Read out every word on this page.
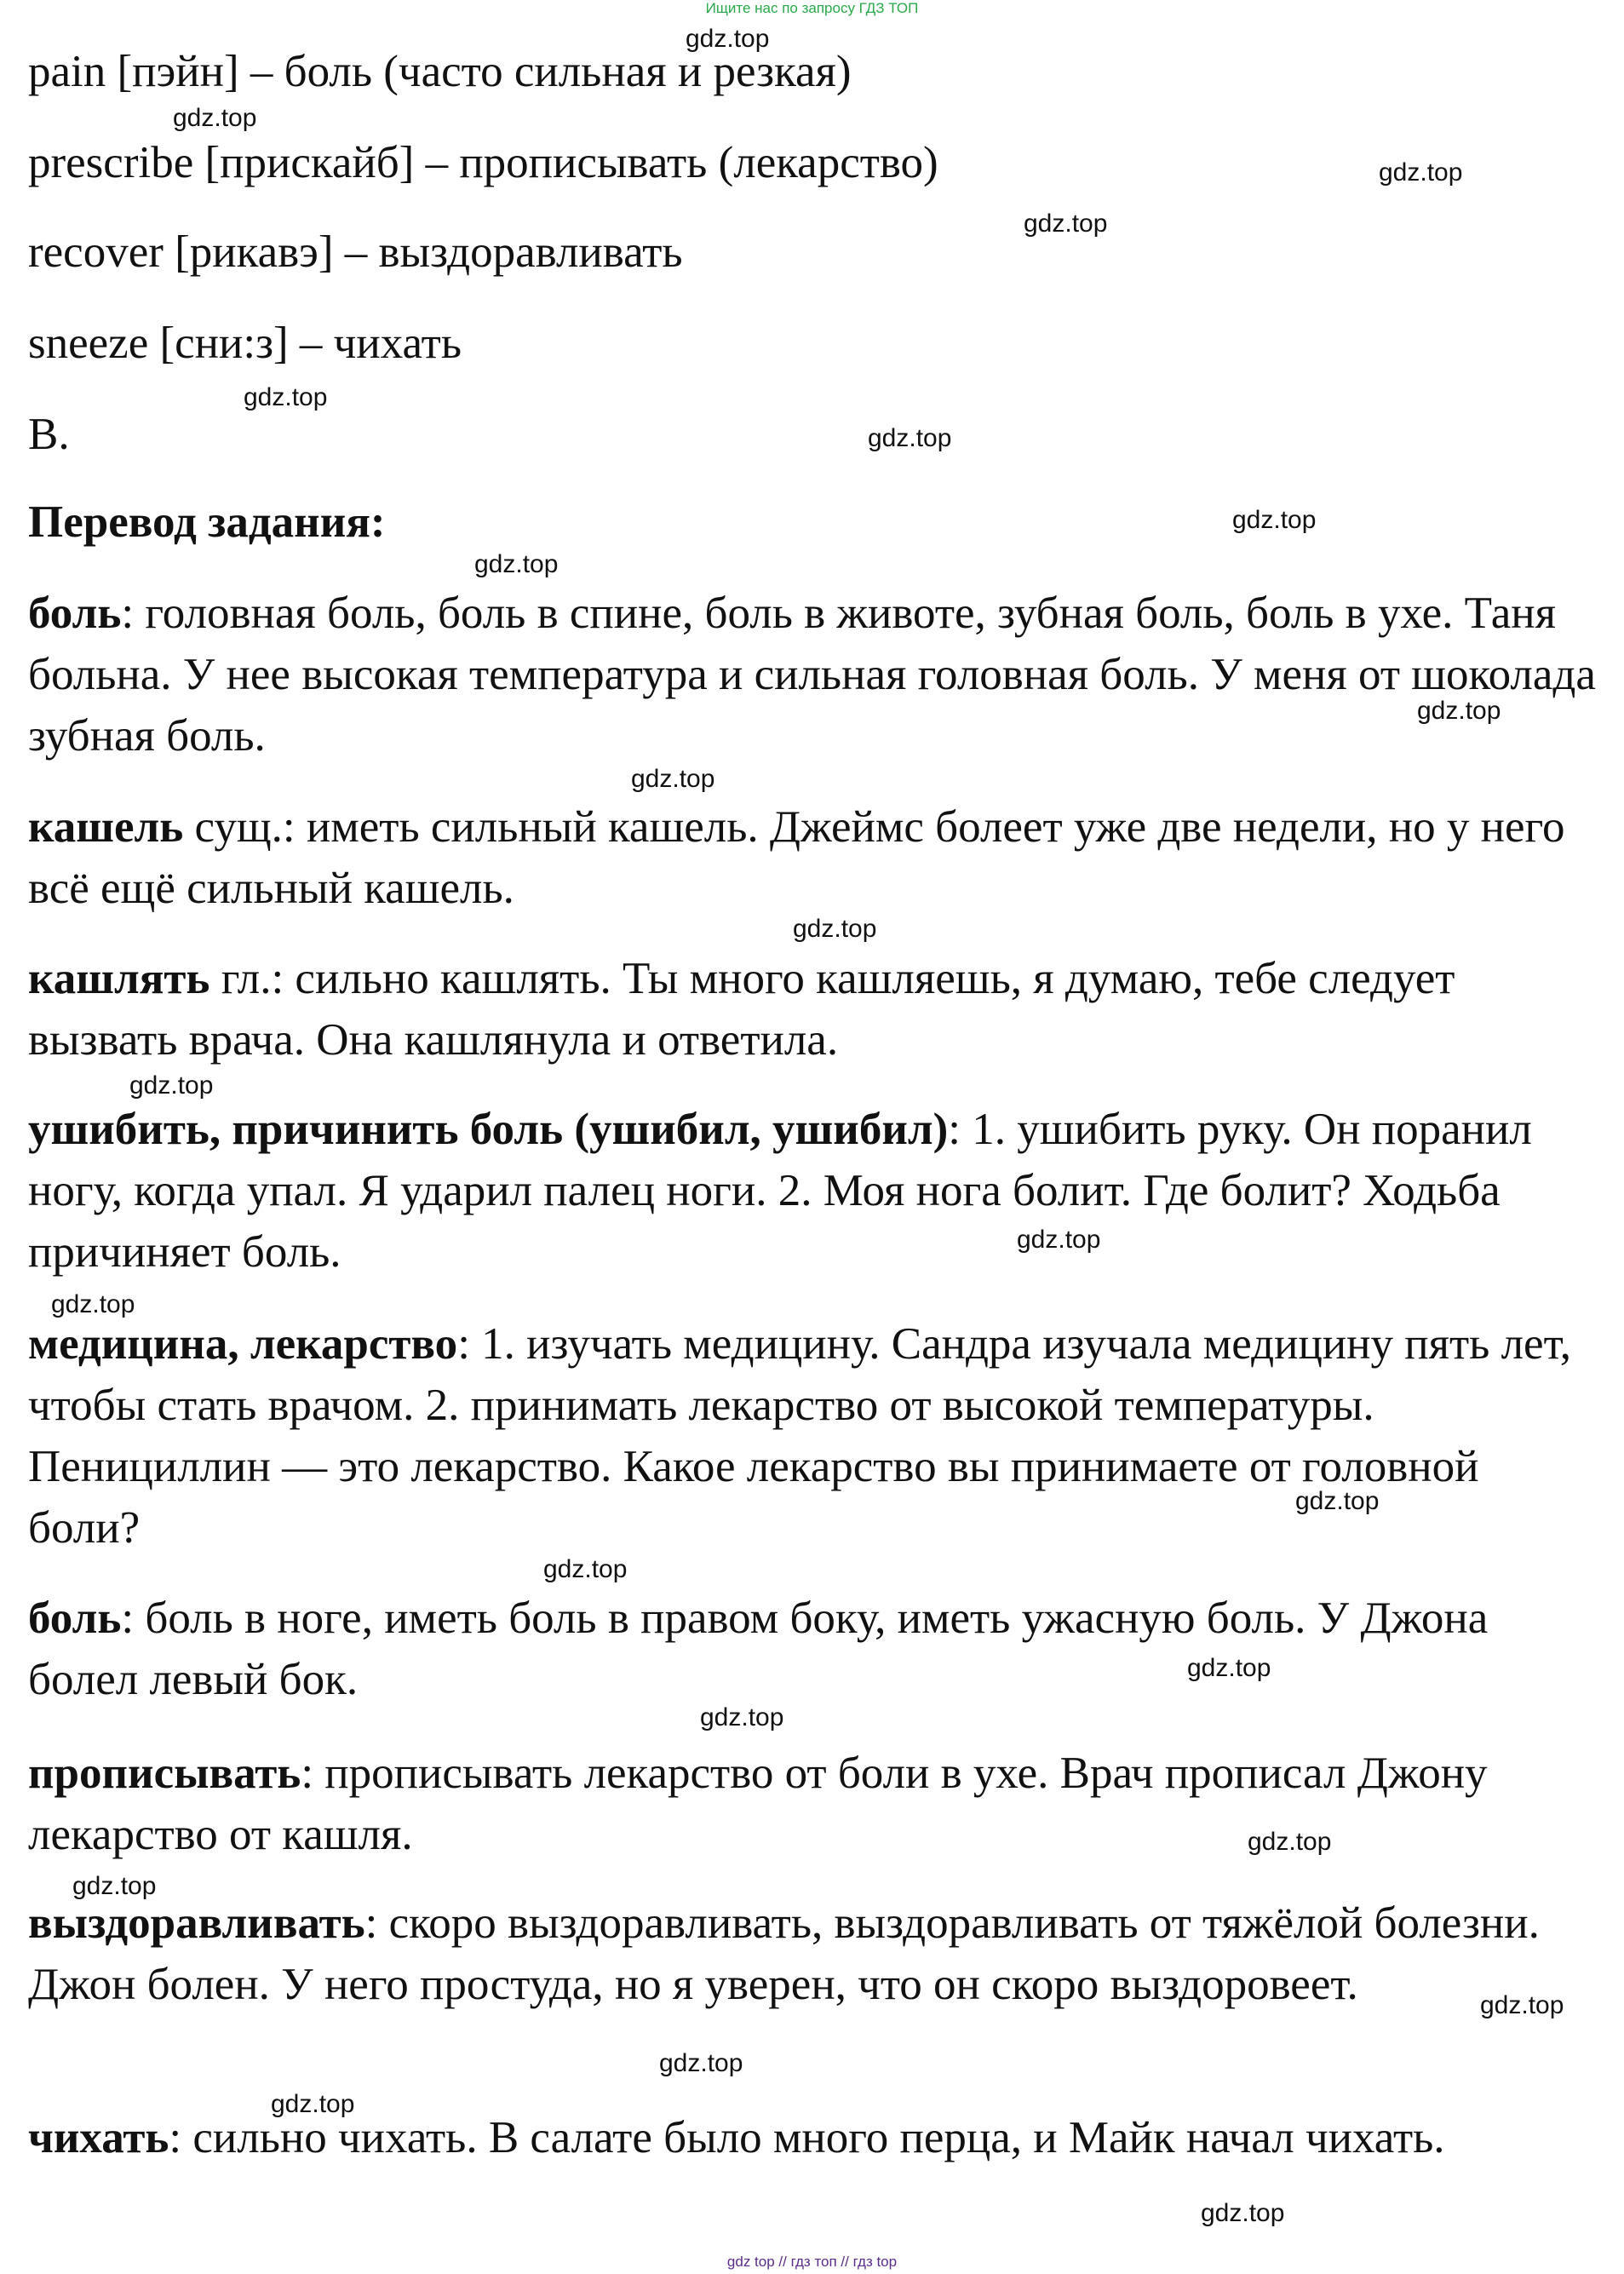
Ищите нас по запросу ГДЗ ТОП
pain [пэйн] – боль (часто сильная и резкая)
prescribe [прискайб] – прописывать (лекарство)
recover [рикавэ] – выздоравливать
sneeze [сни:з] – чихать
B.
Перевод задания:
боль: головная боль, боль в спине, боль в животе, зубная боль, боль в ухе. Таня больна. У нее высокая температура и сильная головная боль. У меня от шоколада зубная боль.
кашель сущ.: иметь сильный кашель. Джеймс болеет уже две недели, но у него всё ещё сильный кашель.
кашлять гл.: сильно кашлять. Ты много кашляешь, я думаю, тебе следует вызвать врача. Она кашлянула и ответила.
ушибить, причинить боль (ушибил, ушибил): 1. ушибить руку. Он поранил ногу, когда упал. Я ударил палец ноги. 2. Моя нога болит. Где болит? Ходьба причиняет боль.
медицина, лекарство: 1. изучать медицину. Сандра изучала медицину пять лет, чтобы стать врачом. 2. принимать лекарство от высокой температуры. Пенициллин — это лекарство. Какое лекарство вы принимаете от головной боли?
боль: боль в ноге, иметь боль в правом боку, иметь ужасную боль. У Джона болел левый бок.
прописывать: прописывать лекарство от боли в ухе. Врач прописал Джону лекарство от кашля.
выздоравливать: скоро выздоравливать, выздоравливать от тяжёлой болезни. Джон болен. У него простуда, но я уверен, что он скоро выздоровеет.
чихать: сильно чихать. В салате было много перца, и Майк начал чихать.
gdz.top
gdz.top
gdz.top
gdz.top
gdz.top
gdz.top
gdz.top
gdz.top
gdz.top
gdz.top
gdz.top
gdz.top
gdz.top
gdz.top
gdz.top
gdz.top
gdz.top
gdz.top
gdz.top
gdz.top
gdz.top
gdz.top
gdz.top
gdz.top
gdz top // гдз топ // гдз top
